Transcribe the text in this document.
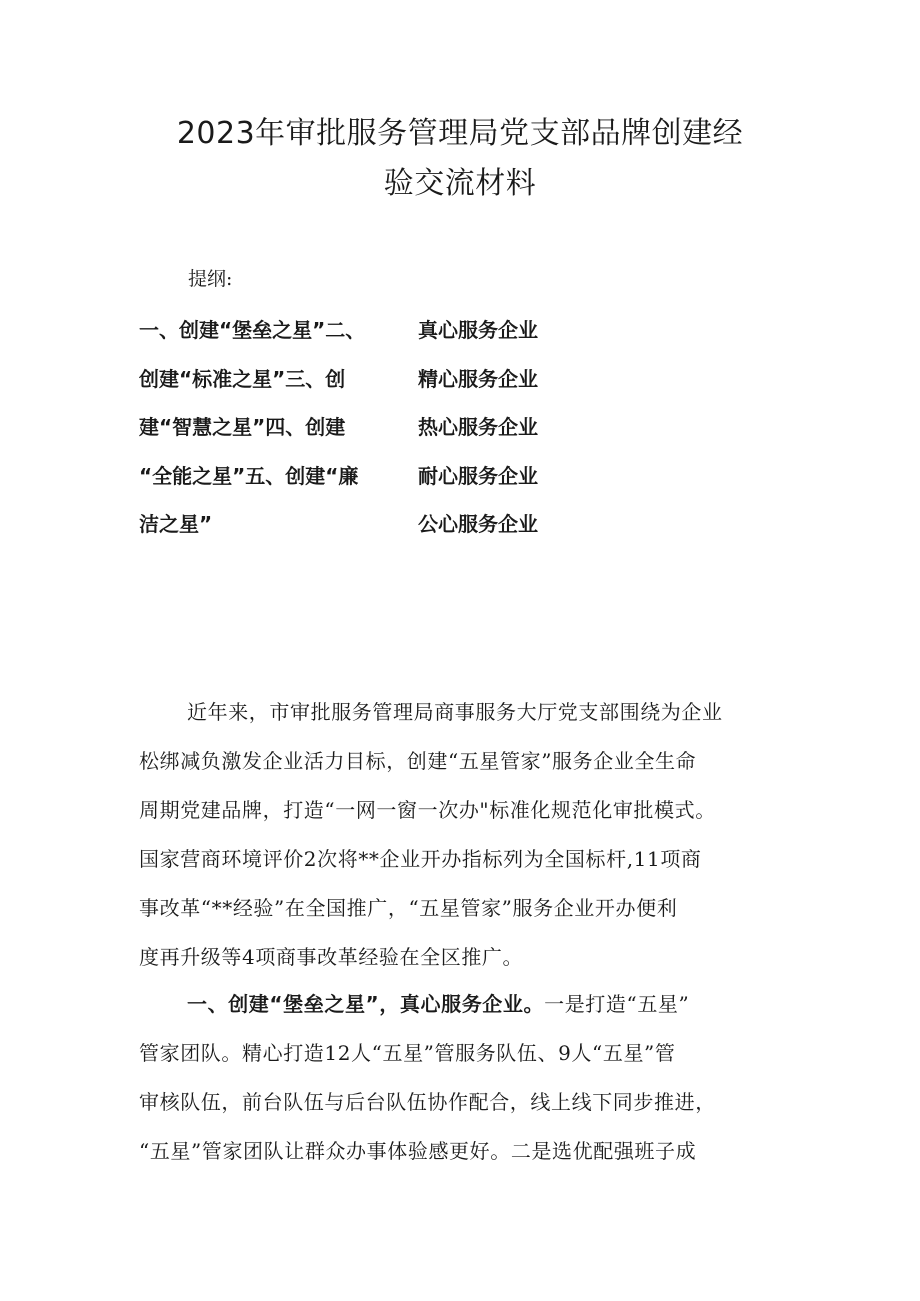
2023年审批服务管理局党支部品牌创建经
验交流材料
提纲:
一、创建“堡垒之星”二、
创建“标准之星”三、创
建“智慧之星”四、创建
“全能之星”五、创建“廉
洁之星”
真心服务企业
精心服务企业
热心服务企业
耐心服务企业
公心服务企业
近年来，市审批服务管理局商事服务大厅党支部围绕为企业
松绑减负激发企业活力目标，创建“五星管家”服务企业全生命
周期党建品牌，打造“一网一窗一次办"标准化规范化审批模式。
国家营商环境评价2次将**企业开办指标列为全国标杆,11项商
事改革“**经验”在全国推广，“五星管家”服务企业开办便利
度再升级等4项商事改革经验在全区推广。
一、创建“堡垒之星”，真心服务企业。一是打造“五星”
管家团队。精心打造12人“五星”管服务队伍、9人“五星”管
审核队伍，前台队伍与后台队伍协作配合，线上线下同步推进，
“五星”管家团队让群众办事体验感更好。二是选优配强班子成
